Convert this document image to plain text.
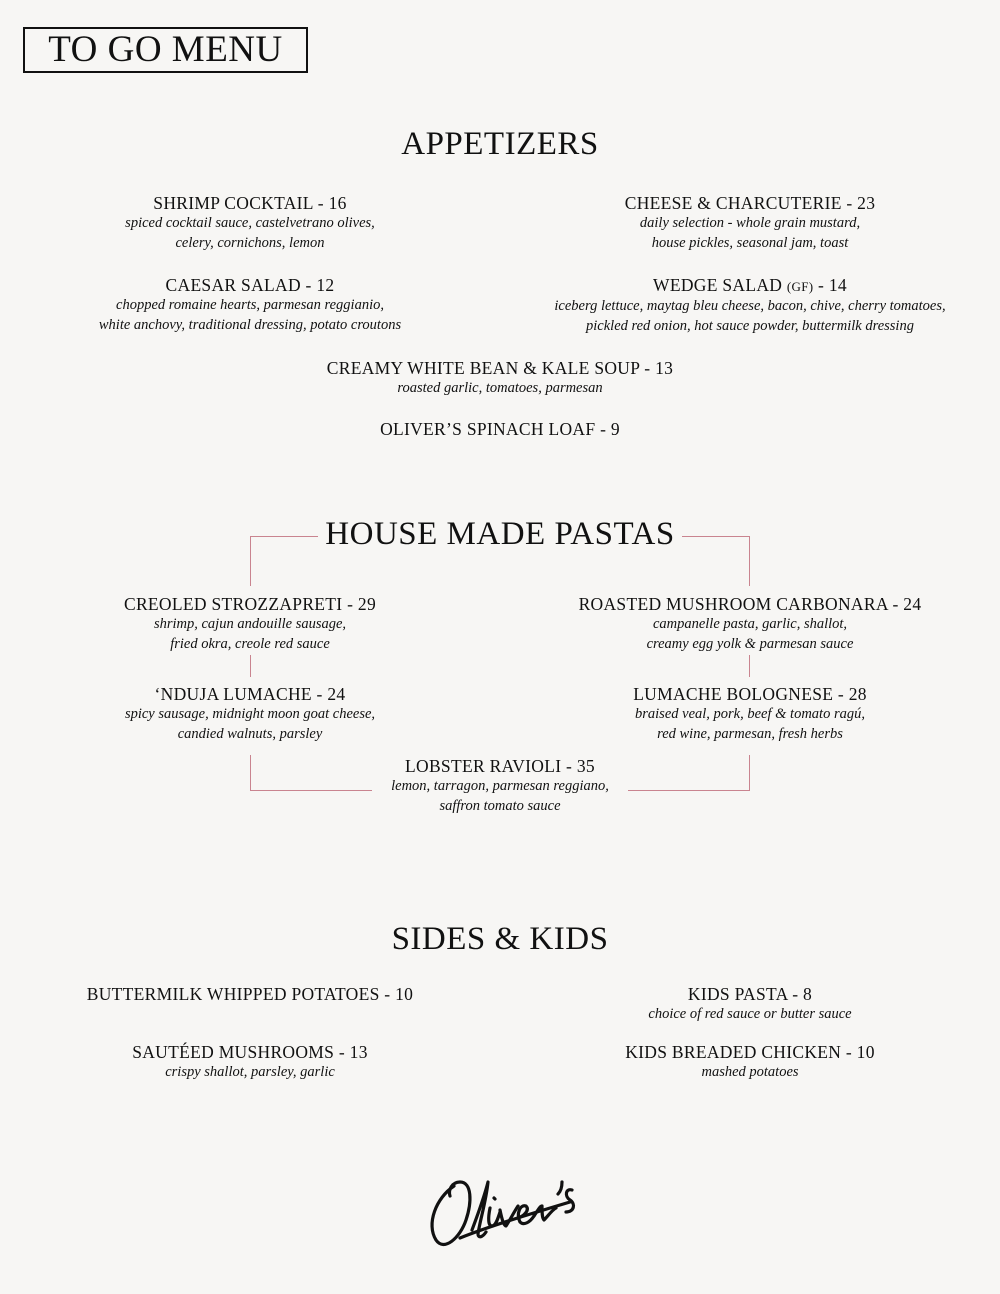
TO GO MENU
APPETIZERS
SHRIMP COCKTAIL - 16
spiced cocktail sauce, castelvetrano olives,
celery, cornichons, lemon
CHEESE & CHARCUTERIE - 23
daily selection - whole grain mustard,
house pickles, seasonal jam, toast
CAESAR SALAD - 12
chopped romaine hearts, parmesan reggianio,
white anchovy, traditional dressing, potato croutons
WEDGE SALAD (GF) - 14
iceberg lettuce, maytag bleu cheese, bacon, chive, cherry tomatoes,
pickled red onion, hot sauce powder, buttermilk dressing
CREAMY WHITE BEAN & KALE SOUP - 13
roasted garlic, tomatoes, parmesan
OLIVER’S SPINACH LOAF - 9
HOUSE MADE PASTAS
CREOLED STROZZAPRETI - 29
shrimp, cajun andouille sausage,
fried okra, creole red sauce
ROASTED MUSHROOM CARBONARA - 24
campanelle pasta, garlic, shallot,
creamy egg yolk & parmesan sauce
‘NDUJA LUMACHE - 24
spicy sausage, midnight moon goat cheese,
candied walnuts, parsley
LUMACHE BOLOGNESE - 28
braised veal, pork, beef & tomato ragú,
red wine, parmesan, fresh herbs
LOBSTER RAVIOLI - 35
lemon, tarragon, parmesan reggiano,
saffron tomato sauce
SIDES & KIDS
BUTTERMILK WHIPPED POTATOES - 10	KIDS PASTA - 8
choice of red sauce or butter sauce
SAUTÉED MUSHROOMS - 13
crispy shallot, parsley, garlic
KIDS BREADED CHICKEN - 10
mashed potatoes
